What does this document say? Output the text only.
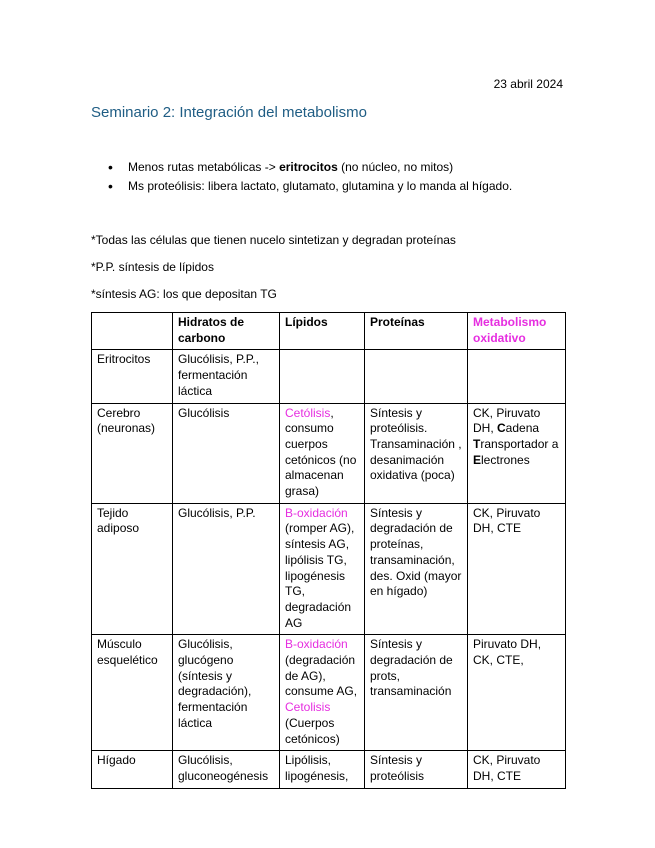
23 abril 2024
Seminario 2: Integración del metabolismo
• Menos rutas metabólicas -> eritrocitos (no núcleo, no mitos)
• Ms proteólisis: libera lactato, glutamato, glutamina y lo manda al hígado.
*Todas las células que tienen nucelo sintetizan y degradan proteínas
*P.P. síntesis de lípidos
*síntesis AG: los que depositan TG
	Hidratos de carbono	Lípidos	Proteínas	Metabolismo oxidativo
Eritrocitos	Glucólisis, P.P., fermentación láctica			
Cerebro (neuronas)	Glucólisis	Cetólisis, consumo cuerpos cetónicos (no almacenan grasa)	Síntesis y proteólisis. Transaminación , desanimación oxidativa (poca)	CK, Piruvato DH, Cadena Transportador a Electrones
Tejido adiposo	Glucólisis, P.P.	B-oxidación (romper AG), síntesis AG, lipólisis TG, lipogénesis TG, degradación AG	Síntesis y degradación de proteínas, transaminación, des. Oxid (mayor en hígado)	CK, Piruvato DH, CTE
Músculo esquelético	Glucólisis, glucógeno (síntesis y degradación), fermentación láctica	B-oxidación (degradación de AG), consume AG, Cetolisis (Cuerpos cetónicos)	Síntesis y degradación de prots, transaminación	Piruvato DH, CK, CTE,
Hígado	Glucólisis, gluconeogénesis	Lipólisis, lipogénesis,	Síntesis y proteólisis	CK, Piruvato DH, CTE
